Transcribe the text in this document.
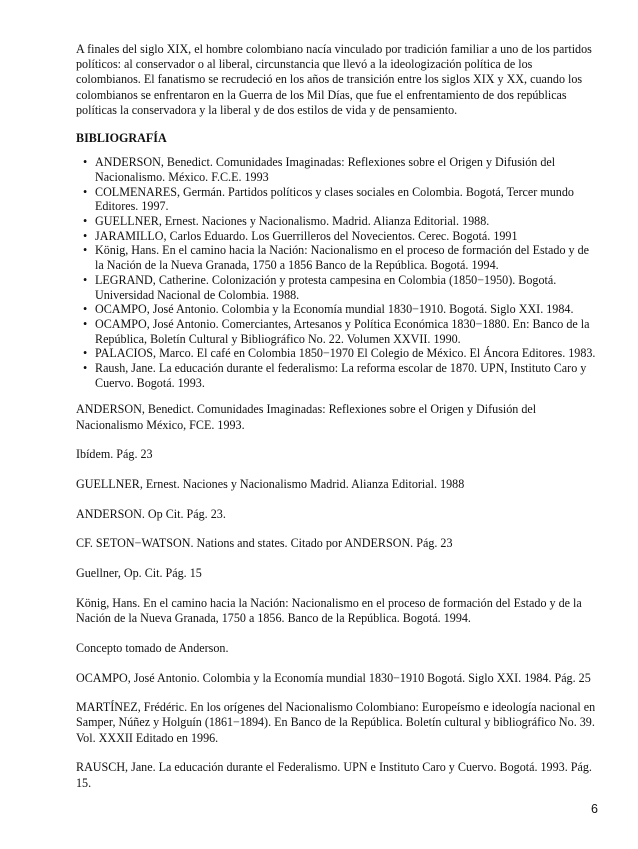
A finales del siglo XIX, el hombre colombiano nacía vinculado por tradición familiar a uno de los partidos políticos: al conservador o al liberal, circunstancia que llevó a la ideologización política de los colombianos. El fanatismo se recrudeció en los años de transición entre los siglos XIX y XX, cuando los colombianos se enfrentaron en la Guerra de los Mil Días, que fue el enfrentamiento de dos repúblicas políticas la conservadora y la liberal y de dos estilos de vida y de pensamiento.

BIBLIOGRAFÍA
• ANDERSON, Benedict. Comunidades Imaginadas: Reflexiones sobre el Origen y Difusión del Nacionalismo. México. F.C.E. 1993
• COLMENARES, Germán. Partidos políticos y clases sociales en Colombia. Bogotá, Tercer mundo Editores. 1997.
• GUELLNER, Ernest. Naciones y Nacionalismo. Madrid. Alianza Editorial. 1988.
• JARAMILLO, Carlos Eduardo. Los Guerrilleros del Novecientos. Cerec. Bogotá. 1991
• König, Hans. En el camino hacia la Nación: Nacionalismo en el proceso de formación del Estado y de la Nación de la Nueva Granada, 1750 a 1856 Banco de la República. Bogotá. 1994.
• LEGRAND, Catherine. Colonización y protesta campesina en Colombia (1850−1950). Bogotá. Universidad Nacional de Colombia. 1988.
• OCAMPO, José Antonio. Colombia y la Economía mundial 1830−1910. Bogotá. Siglo XXI. 1984.
• OCAMPO, José Antonio. Comerciantes, Artesanos y Política Económica 1830−1880. En: Banco de la República, Boletín Cultural y Bibliográfico No. 22. Volumen XXVII. 1990.
• PALACIOS, Marco. El café en Colombia 1850−1970 El Colegio de México. El Áncora Editores. 1983.
• Raush, Jane. La educación durante el federalismo: La reforma escolar de 1870. UPN, Instituto Caro y Cuervo. Bogotá. 1993.

ANDERSON, Benedict. Comunidades Imaginadas: Reflexiones sobre el Origen y Difusión del Nacionalismo México, FCE. 1993.

Ibídem. Pág. 23

GUELLNER, Ernest. Naciones y Nacionalismo Madrid. Alianza Editorial. 1988

ANDERSON. Op Cit. Pág. 23.

CF. SETON−WATSON. Nations and states. Citado por ANDERSON. Pág. 23

Guellner, Op. Cit. Pág. 15

König, Hans. En el camino hacia la Nación: Nacionalismo en el proceso de formación del Estado y de la Nación de la Nueva Granada, 1750 a 1856. Banco de la República. Bogotá. 1994.

Concepto tomado de Anderson.

OCAMPO, José Antonio. Colombia y la Economía mundial 1830−1910 Bogotá. Siglo XXI. 1984. Pág. 25

MARTÍNEZ, Frédéric. En los orígenes del Nacionalismo Colombiano: Europeísmo e ideología nacional en Samper, Núñez y Holguín (1861−1894). En Banco de la República. Boletín cultural y bibliográfico No. 39. Vol. XXXII Editado en 1996.

RAUSCH, Jane. La educación durante el Federalismo. UPN e Instituto Caro y Cuervo. Bogotá. 1993. Pág. 15.

6
